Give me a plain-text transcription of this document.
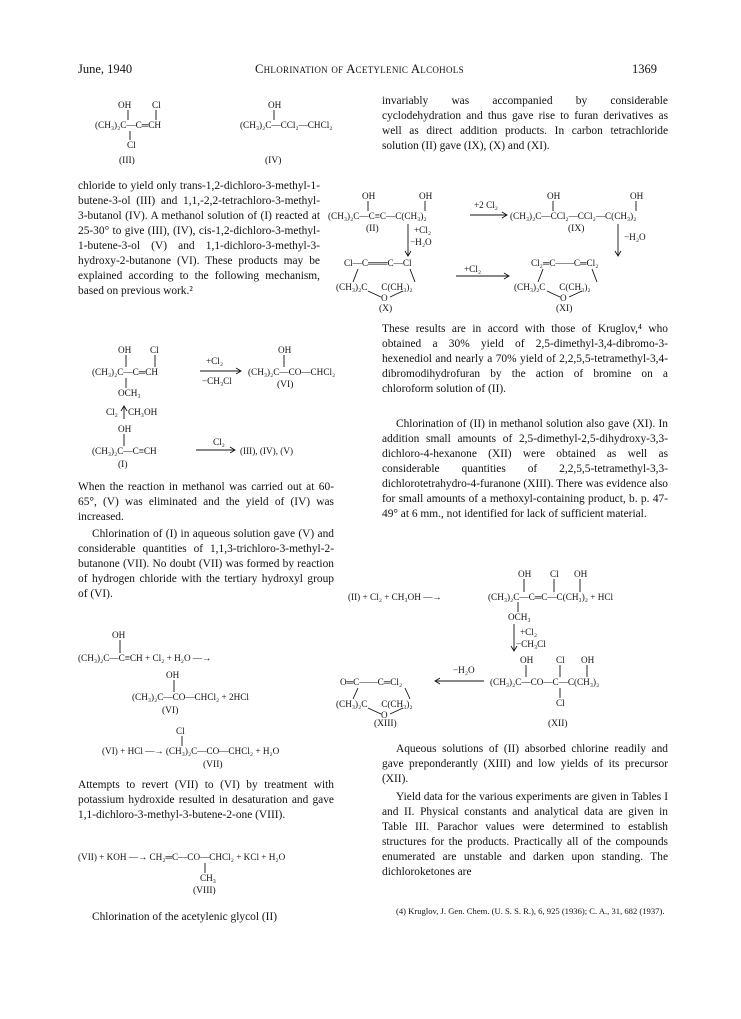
June, 1940	Chlorination of Acetylenic Alcohols	1369
OH Cl
(CH₃)₂C—C═CH
Cl
(III)
OH
(CH₃)₂C—CCl₂—CHCl₂
(IV)

chloride to yield only trans-1,2-dichloro-3-methyl-1-butene-3-ol (III) and 1,1,-2,2-tetrachloro-3-methyl-3-butanol (IV). A methanol solution of (I) reacted at 25-30° to give (III), (IV), cis-1,2-dichloro-3-methyl-1-butene-3-ol (V) and 1,1-dichloro-3-methyl-3-hydroxy-2-butanone (VI). These products may be explained according to the following mechanism, based on previous work.²

OH Cl
(CH₃)₂C—C═CH
+Cl₂
−CH₃Cl
OH
(CH₃)₂C—CO—CHCl₂
(VI)
OCH₃
Cl₂ CH₃OH
OH
(CH₃)₂C—C≡CH
Cl₂
(III), (IV), (V)
(I)

When the reaction in methanol was carried out at 60-65°, (V) was eliminated and the yield of (IV) was increased.

Chlorination of (I) in aqueous solution gave (V) and considerable quantities of 1,1,3-trichloro-3-methyl-2-butanone (VII). No doubt (VII) was formed by reaction of hydrogen chloride with the tertiary hydroxyl group of (VI).

OH
(CH₃)₂C—C≡CH + Cl₂ + H₂O —→
OH
(CH₃)₂C—CO—CHCl₂ + 2HCl
(VI)
Cl
(VI) + HCl —→ (CH₃)₂C—CO—CHCl₂ + H₂O
(VII)

Attempts to revert (VII) to (VI) by treatment with potassium hydroxide resulted in desaturation and gave 1,1-dichloro-3-methyl-3-butene-2-one (VIII).

(VII) + KOH —→ CH₂═C—CO—CHCl₂ + KCl + H₂O
CH₃
(VIII)

Chlorination of the acetylenic glycol (II)

invariably was accompanied by considerable cyclodehydration and thus gave rise to furan derivatives as well as direct addition products. In carbon tetrachloride solution (II) gave (IX), (X) and (XI).

OH	OH
(CH₃)₂C—C≡C—C(CH₃)₂
(II)
+2 Cl₂
OH	OH
(CH₃)₂C—CCl₂—CCl₂—C(CH₃)₂
(IX)
+Cl₂
−H₂O	−H₂O
Cl—C═══C—Cl
(CH₃)₂C      C(CH₃)₂
O
(X)
+Cl₂
Cl₂═C——C═Cl₂
(CH₃)₂C      C(CH₃)₂
O
(XI)

These results are in accord with those of Kruglov,⁴ who obtained a 30% yield of 2,5-dimethyl-3,4-dibromo-3-hexenediol and nearly a 70% yield of 2,2,5,5-tetramethyl-3,4-dibromodihydrofuran by the action of bromine on a chloroform solution of (II).

Chlorination of (II) in methanol solution also gave (XI). In addition small amounts of 2,5-dimethyl-2,5-dihydroxy-3,3-dichloro-4-hexanone (XII) were obtained as well as considerable quantities of 2,2,5,5-tetramethyl-3,3-dichlorotetrahydro-4-furanone (XIII). There was evidence also for small amounts of a methoxyl-containing product, b. p. 47-49° at 6 mm., not identified for lack of sufficient material.

OH Cl OH
(II) + Cl₂ + CH₃OH —→	(CH₃)₂C—C═C—C(CH₃)₂ + HCl
OCH₃
+Cl₂
−CH₃Cl
OH Cl OH
(CH₃)₂C—CO—C—C(CH₃)₂
Cl
(XII)
−H₂O
O═C——C═Cl₂
(CH₃)₂C      C(CH₃)₂
O
(XIII)

Aqueous solutions of (II) absorbed chlorine readily and gave preponderantly (XIII) and low yields of its precursor (XII).

Yield data for the various experiments are given in Tables I and II. Physical constants and analytical data are given in Table III. Parachor values were determined to establish structures for the products. Practically all of the compounds enumerated are unstable and darken upon standing. The dichloroketones are

(4) Kruglov, J. Gen. Chem. (U. S. S. R.), 6, 925 (1936); C. A., 31, 682 (1937).
